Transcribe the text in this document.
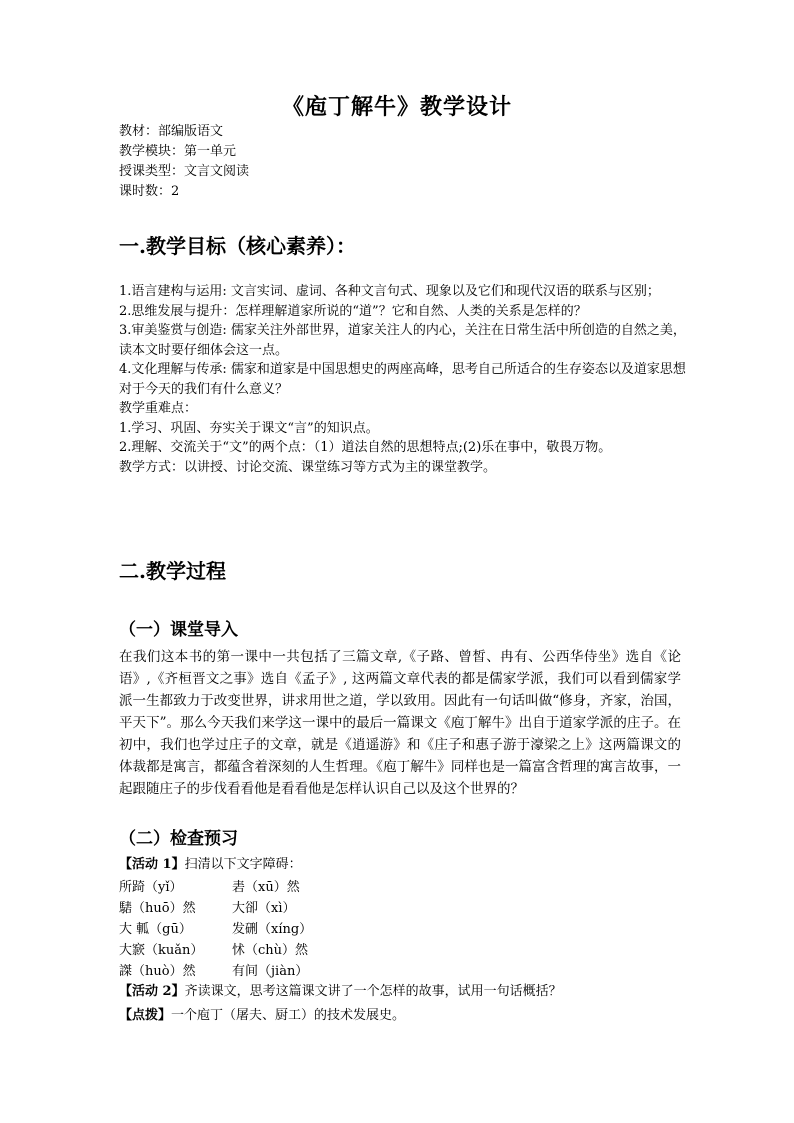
《庖丁解牛》教学设计
教材：部编版语文
教学模块：第一单元
授课类型：文言文阅读
课时数：2
一.教学目标（核心素养）：

1.语言建构与运用: 文言实词、虚词、各种文言句式、现象以及它们和现代汉语的联系与区别；

2.思维发展与提升：怎样理解道家所说的“道”？它和自然、人类的关系是怎样的？

3.审美鉴赏与创造: 儒家关注外部世界，道家关注人的内心，关注在日常生活中所创造的自然之美，读本文时要仔细体会这一点。

4.文化理解与传承: 儒家和道家是中国思想史的两座高峰，思考自己所适合的生存姿态以及道家思想对于今天的我们有什么意义？

教学重难点：

1.学习、巩固、夯实关于课文“言”的知识点。

2.理解、交流关于“文”的两个点：（1）道法自然的思想特点;(2)乐在事中，敬畏万物。

教学方式：以讲授、讨论交流、课堂练习等方式为主的课堂教学。

二.教学过程
（一）课堂导入
在我们这本书的第一课中一共包括了三篇文章,《子路、曾皙、冉有、公西华侍坐》选自《论语》,《齐桓晋文之事》选自《孟子》, 这两篇文章代表的都是儒家学派，我们可以看到儒家学派一生都致力于改变世界，讲求用世之道，学以致用。因此有一句话叫做“修身，齐家，治国，平天下”。那么今天我们来学这一课中的最后一篇课文《庖丁解牛》出自于道家学派的庄子。在初中，我们也学过庄子的文章，就是《逍遥游》和《庄子和惠子游于濠梁之上》这两篇课文的体裁都是寓言，都蕴含着深刻的人生哲理。《庖丁解牛》同样也是一篇富含哲理的寓言故事，一起跟随庄子的步伐看看他是看看他是怎样认识自己以及这个世界的？
（二）检查预习
【活动 1】扫清以下文字障碍：
所踦（yǐ）	砉（xū）然
騞（huō）然	大卻（xì）
大 軱（gū）	发硎（xíng）
大窾（kuǎn）	怵（chù）然
謋（huò）然	有间（jiàn）
【活动 2】齐读课文，思考这篇课文讲了一个怎样的故事，试用一句话概括？
【点拨】一个庖丁（屠夫、厨工）的技术发展史。
